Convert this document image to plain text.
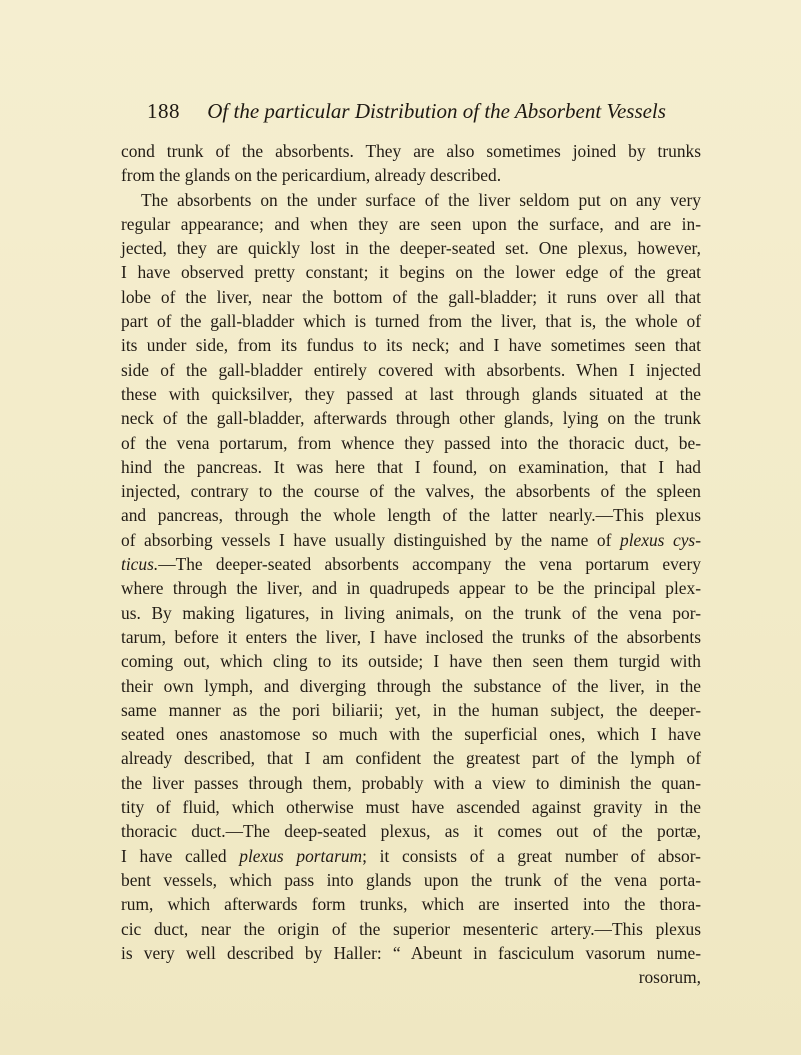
188 Of the particular Distribution of the Absorbent Vessels
cond trunk of the absorbents. They are also sometimes joined by trunks
from the glands on the pericardium, already described.
The absorbents on the under surface of the liver seldom put on any very
regular appearance; and when they are seen upon the surface, and are in-
jected, they are quickly lost in the deeper-seated set. One plexus, however,
I have observed pretty constant; it begins on the lower edge of the great
lobe of the liver, near the bottom of the gall-bladder; it runs over all that
part of the gall-bladder which is turned from the liver, that is, the whole of
its under side, from its fundus to its neck; and I have sometimes seen that
side of the gall-bladder entirely covered with absorbents. When I injected
these with quicksilver, they passed at last through glands situated at the
neck of the gall-bladder, afterwards through other glands, lying on the trunk
of the vena portarum, from whence they passed into the thoracic duct, be-
hind the pancreas. It was here that I found, on examination, that I had
injected, contrary to the course of the valves, the absorbents of the spleen
and pancreas, through the whole length of the latter nearly.—This plexus
of absorbing vessels I have usually distinguished by the name of plexus cys-
ticus.—The deeper-seated absorbents accompany the vena portarum every
where through the liver, and in quadrupeds appear to be the principal plex-
us. By making ligatures, in living animals, on the trunk of the vena por-
tarum, before it enters the liver, I have inclosed the trunks of the absorbents
coming out, which cling to its outside; I have then seen them turgid with
their own lymph, and diverging through the substance of the liver, in the
same manner as the pori biliarii; yet, in the human subject, the deeper-
seated ones anastomose so much with the superficial ones, which I have
already described, that I am confident the greatest part of the lymph of
the liver passes through them, probably with a view to diminish the quan-
tity of fluid, which otherwise must have ascended against gravity in the
thoracic duct.—The deep-seated plexus, as it comes out of the portæ,
I have called plexus portarum; it consists of a great number of absor-
bent vessels, which pass into glands upon the trunk of the vena porta-
rum, which afterwards form trunks, which are inserted into the thora-
cic duct, near the origin of the superior mesenteric artery.—This plexus
is very well described by Haller: “ Abeunt in fasciculum vasorum nume-
rosorum,
